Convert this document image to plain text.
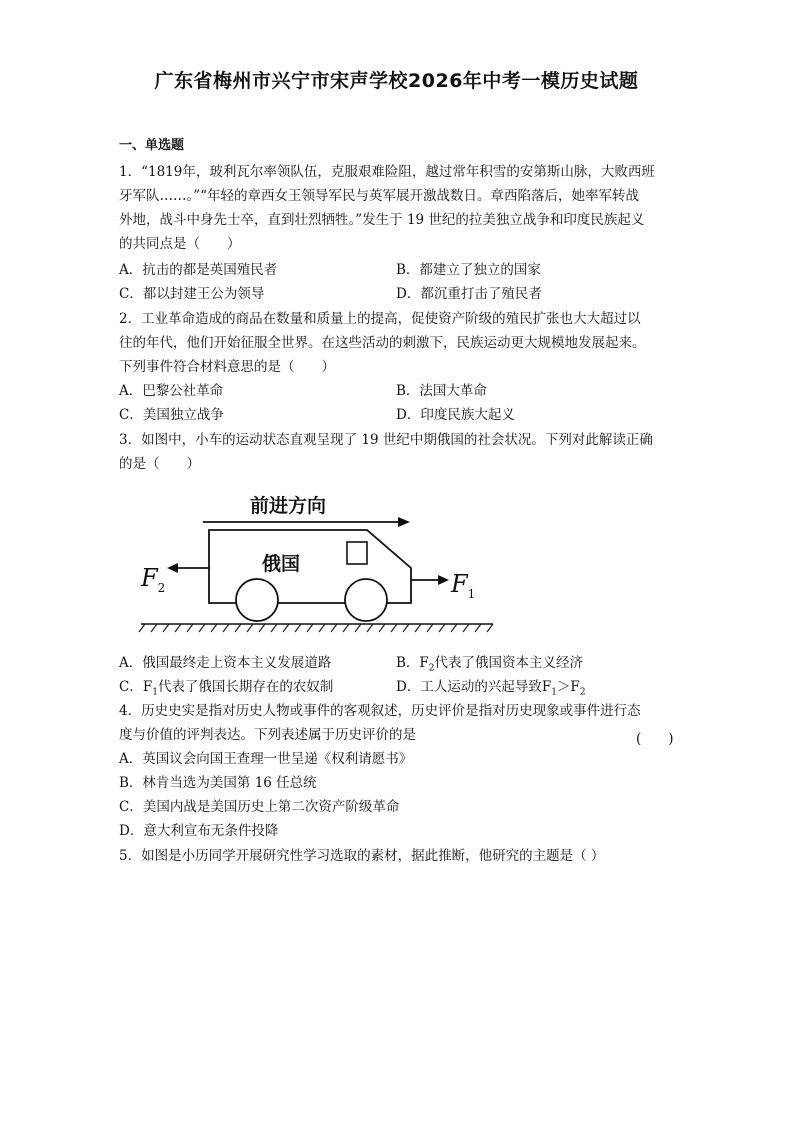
广东省梅州市兴宁市宋声学校2026年中考一模历史试题
一、单选题
1．“1819年，玻利瓦尔率领队伍，克服艰难险阻，越过常年积雪的安第斯山脉，大败西班
牙军队……。”“年轻的章西女王领导军民与英军展开激战数日。章西陷落后，她率军转战
外地，战斗中身先士卒，直到壮烈牺牲。”发生于 19 世纪的拉美独立战争和印度民族起义
的共同点是（　　）
A．抗击的都是英国殖民者	B．都建立了独立的国家
C．都以封建王公为领导	D．都沉重打击了殖民者
2．工业革命造成的商品在数量和质量上的提高，促使资产阶级的殖民扩张也大大超过以
往的年代，他们开始征服全世界。在这些活动的刺激下，民族运动更大规模地发展起来。
下列事件符合材料意思的是（　　）
A．巴黎公社革命	B．法国大革命
C．美国独立战争	D．印度民族大起义
3．如图中，小车的运动状态直观呈现了 19 世纪中期俄国的社会状况。下列对此解读正确
的是（　　）
前进方向
俄国
$F_2$	$F_1$
A．俄国最终走上资本主义发展道路	B．$F_2$代表了俄国资本主义经济
C．$F_1$代表了俄国长期存在的农奴制	D．工人运动的兴起导致$F_1>F_2$
4．历史史实是指对历史人物或事件的客观叙述，历史评价是指对历史现象或事件进行态
度与价值的评判表达。下列表述属于历史评价的是	(　　)
A．英国议会向国王查理一世呈递《权利请愿书》
B．林肯当选为美国第 16 任总统
C．美国内战是美国历史上第二次资产阶级革命
D．意大利宣布无条件投降
5．如图是小历同学开展研究性学习选取的素材，据此推断，他研究的主题是（ ）
